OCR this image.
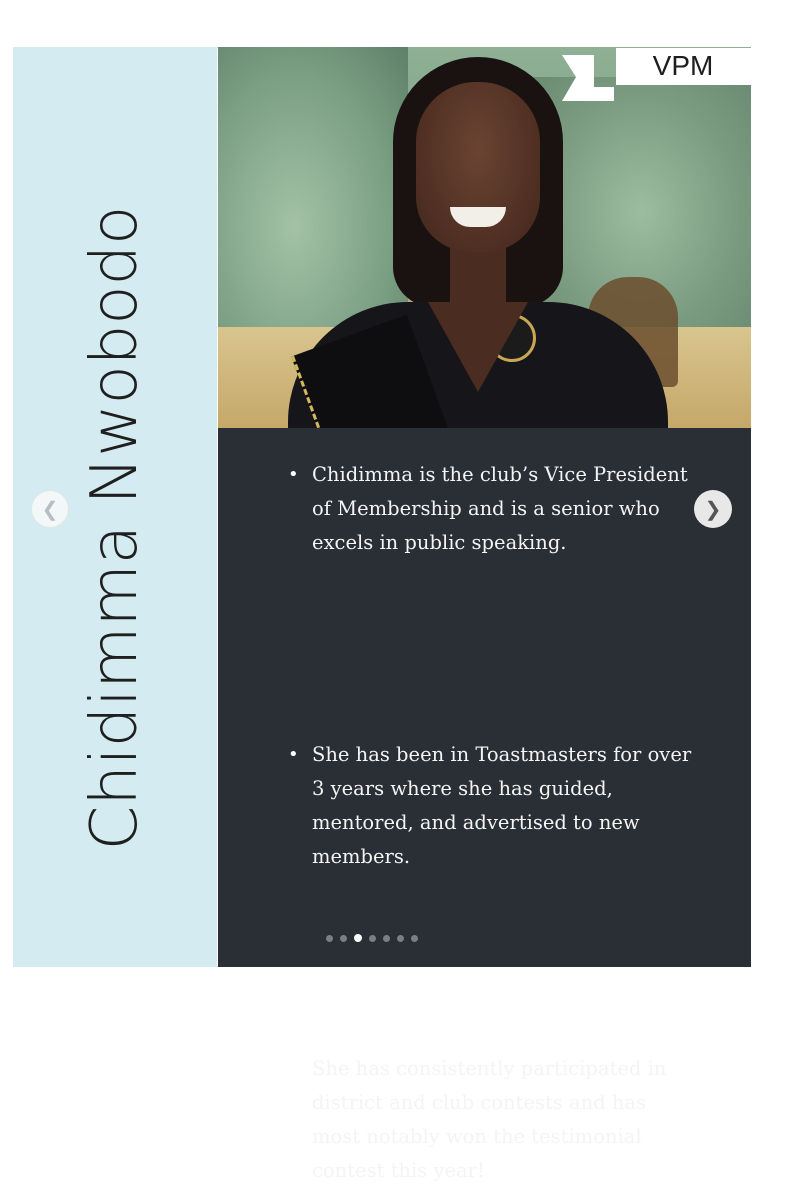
Chidimma Nwobodo
VPM
• Chidimma is the club’s Vice President of Membership and is a senior who excels in public speaking.
• She has been in Toastmasters for over 3 years where she has guided, mentored, and advertised to new members.
• She has consistently participated in district and club contests and has most notably won the testimonial contest this year!
❮	❯
